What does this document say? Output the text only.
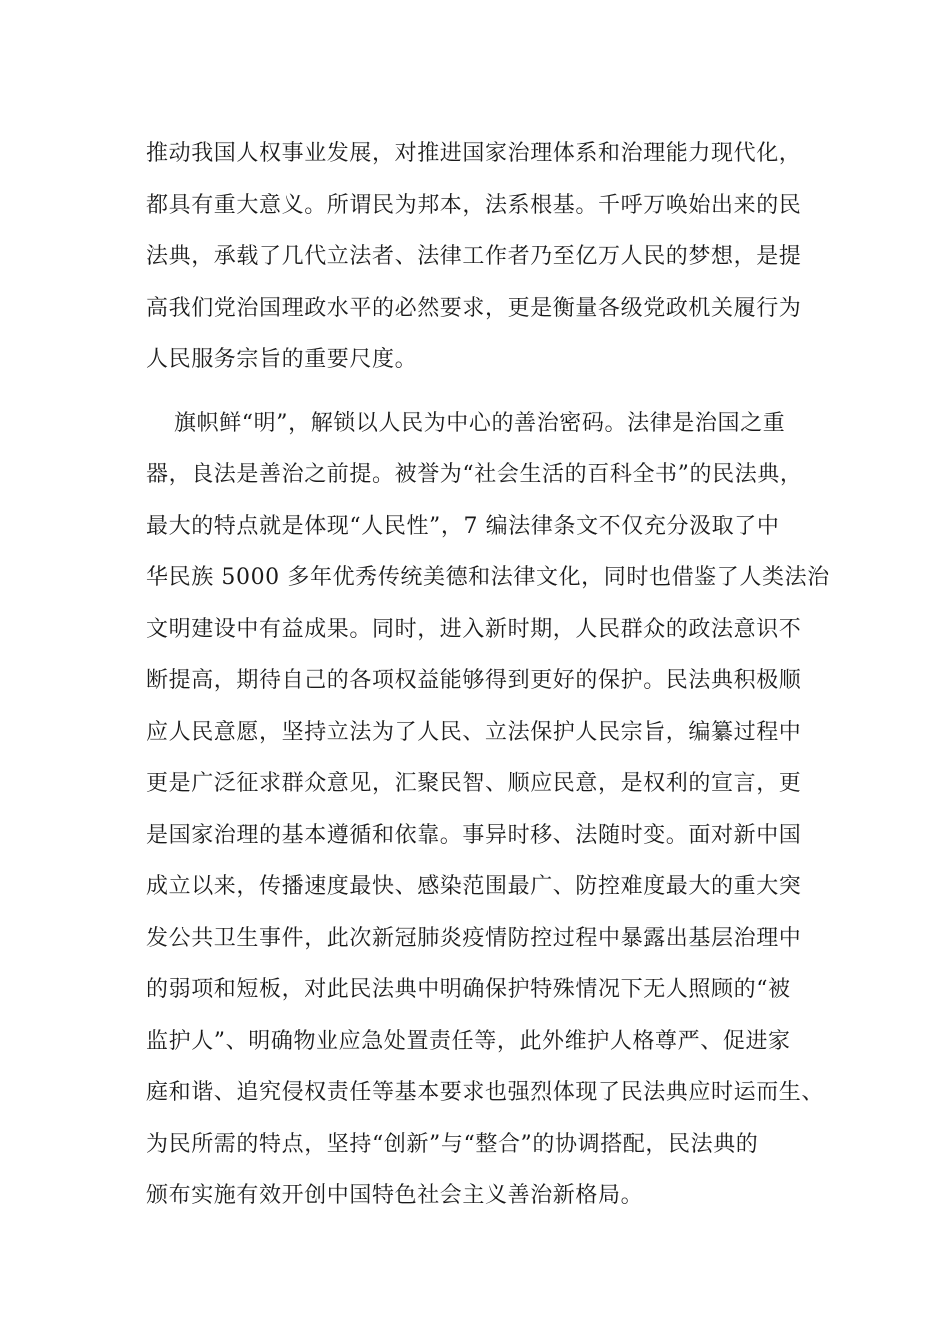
推动我国人权事业发展，对推进国家治理体系和治理能力现代化，
都具有重大意义。所谓民为邦本，法系根基。千呼万唤始出来的民
法典，承载了几代立法者、法律工作者乃至亿万人民的梦想，是提
高我们党治国理政水平的必然要求，更是衡量各级党政机关履行为
人民服务宗旨的重要尺度。
旗帜鲜“明”，解锁以人民为中心的善治密码。法律是治国之重
器，良法是善治之前提。被誉为“社会生活的百科全书”的民法典，
最大的特点就是体现“人民性”，7 编法律条文不仅充分汲取了中
华民族 5000 多年优秀传统美德和法律文化，同时也借鉴了人类法治
文明建设中有益成果。同时，进入新时期，人民群众的政法意识不
断提高，期待自己的各项权益能够得到更好的保护。民法典积极顺
应人民意愿，坚持立法为了人民、立法保护人民宗旨，编纂过程中
更是广泛征求群众意见，汇聚民智、顺应民意，是权利的宣言，更
是国家治理的基本遵循和依靠。事异时移、法随时变。面对新中国
成立以来，传播速度最快、感染范围最广、防控难度最大的重大突
发公共卫生事件，此次新冠肺炎疫情防控过程中暴露出基层治理中
的弱项和短板，对此民法典中明确保护特殊情况下无人照顾的“被
监护人”、明确物业应急处置责任等，此外维护人格尊严、促进家
庭和谐、追究侵权责任等基本要求也强烈体现了民法典应时运而生、
为民所需的特点，坚持“创新”与“整合”的协调搭配，民法典的
颁布实施有效开创中国特色社会主义善治新格局。
